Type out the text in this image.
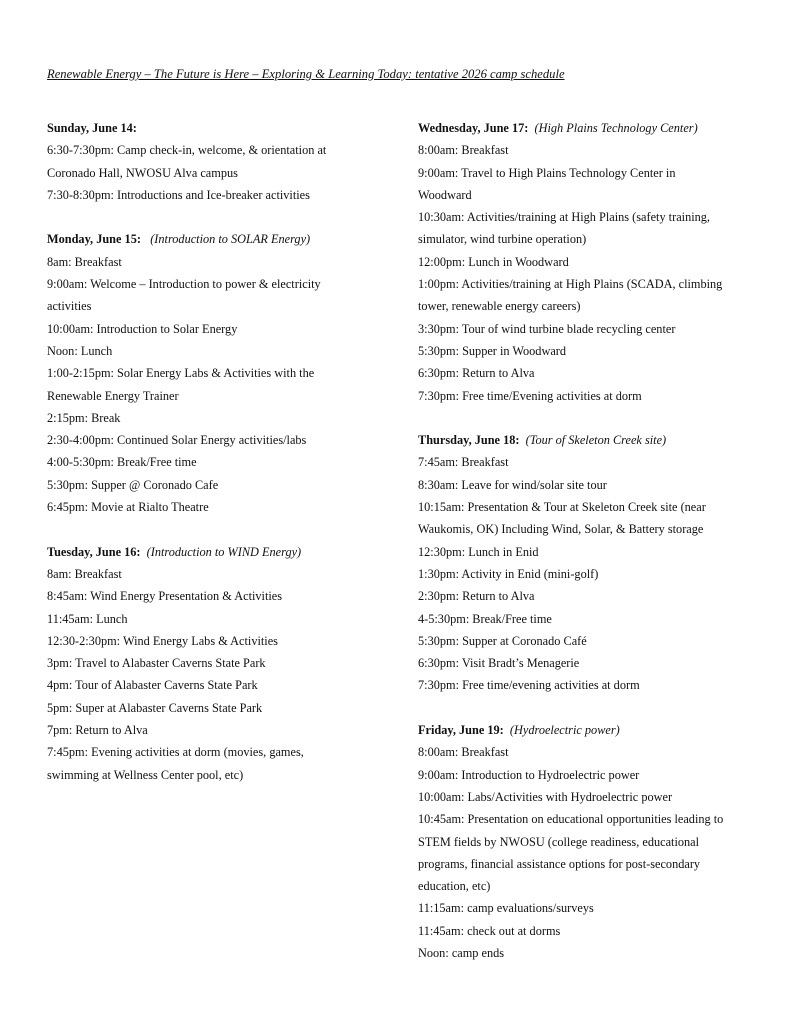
Renewable Energy – The Future is Here – Exploring & Learning Today: tentative 2026 camp schedule
Sunday, June 14:
6:30-7:30pm: Camp check-in, welcome, & orientation at
Coronado Hall, NWOSU Alva campus
7:30-8:30pm: Introductions and Ice-breaker activities
Monday, June 15: (Introduction to SOLAR Energy)
8am: Breakfast
9:00am: Welcome – Introduction to power & electricity
activities
10:00am: Introduction to Solar Energy
Noon: Lunch
1:00-2:15pm: Solar Energy Labs & Activities with the
Renewable Energy Trainer
2:15pm: Break
2:30-4:00pm: Continued Solar Energy activities/labs
4:00-5:30pm: Break/Free time
5:30pm: Supper @ Coronado Cafe
6:45pm: Movie at Rialto Theatre
Tuesday, June 16: (Introduction to WIND Energy)
8am: Breakfast
8:45am: Wind Energy Presentation & Activities
11:45am: Lunch
12:30-2:30pm: Wind Energy Labs & Activities
3pm: Travel to Alabaster Caverns State Park
4pm: Tour of Alabaster Caverns State Park
5pm: Super at Alabaster Caverns State Park
7pm: Return to Alva
7:45pm: Evening activities at dorm (movies, games,
swimming at Wellness Center pool, etc)
Wednesday, June 17: (High Plains Technology Center)
8:00am: Breakfast
9:00am: Travel to High Plains Technology Center in
Woodward
10:30am: Activities/training at High Plains (safety training,
simulator, wind turbine operation)
12:00pm: Lunch in Woodward
1:00pm: Activities/training at High Plains (SCADA, climbing
tower, renewable energy careers)
3:30pm: Tour of wind turbine blade recycling center
5:30pm: Supper in Woodward
6:30pm: Return to Alva
7:30pm: Free time/Evening activities at dorm
Thursday, June 18: (Tour of Skeleton Creek site)
7:45am: Breakfast
8:30am: Leave for wind/solar site tour
10:15am: Presentation & Tour at Skeleton Creek site (near
Waukomis, OK) Including Wind, Solar, & Battery storage
12:30pm: Lunch in Enid
1:30pm: Activity in Enid (mini-golf)
2:30pm: Return to Alva
4-5:30pm: Break/Free time
5:30pm: Supper at Coronado Café
6:30pm: Visit Bradt’s Menagerie
7:30pm: Free time/evening activities at dorm
Friday, June 19: (Hydroelectric power)
8:00am: Breakfast
9:00am: Introduction to Hydroelectric power
10:00am: Labs/Activities with Hydroelectric power
10:45am: Presentation on educational opportunities leading to
STEM fields by NWOSU (college readiness, educational
programs, financial assistance options for post-secondary
education, etc)
11:15am: camp evaluations/surveys
11:45am: check out at dorms
Noon: camp ends
